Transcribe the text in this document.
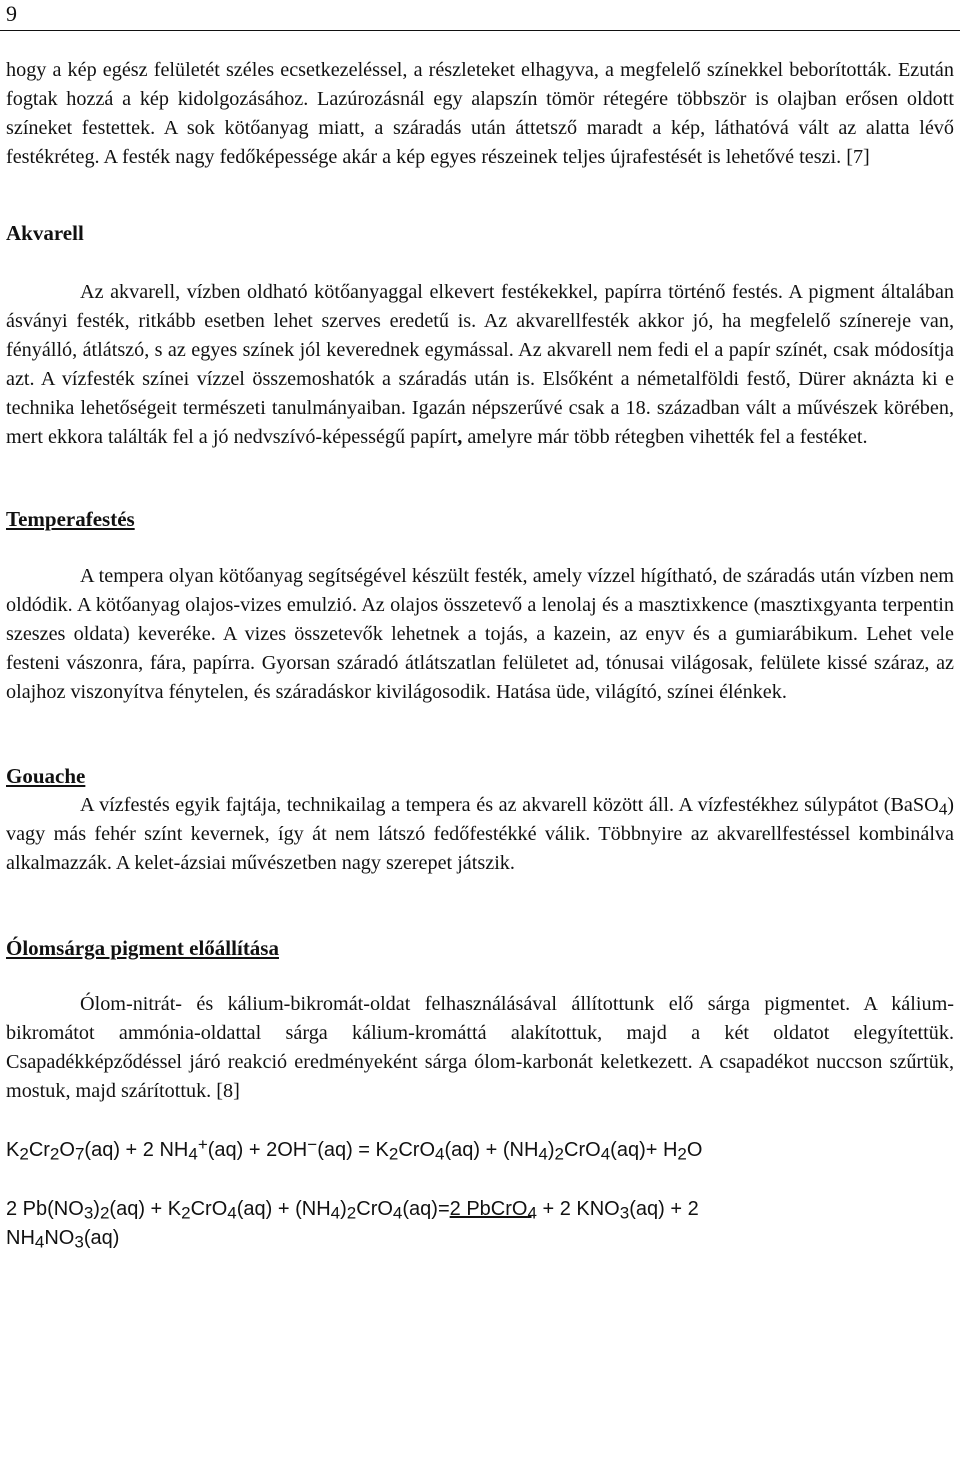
9

hogy a kép egész felületét széles ecsetkezeléssel, a részleteket elhagyva, a megfelelő színekkel beborították. Ezután fogtak hozzá a kép kidolgozásához. Lazúrozásnál egy alapszín tömör rétegére többször is olajban erősen oldott színeket festettek. A sok kötőanyag miatt, a száradás után áttetsző maradt a kép, láthatóvá vált az alatta lévő festékréteg. A festék nagy fedőképessége akár a kép egyes részeinek teljes újrafestését is lehetővé teszi. [7]

Akvarell

Az akvarell, vízben oldható kötőanyaggal elkevert festékekkel, papírra történő festés. A pigment általában ásványi festék, ritkább esetben lehet szerves eredetű is. Az akvarellfesték akkor jó, ha megfelelő színereje van, fényálló, átlátszó, s az egyes színek jól keverednek egymással. Az akvarell nem fedi el a papír színét, csak módosítja azt. A vízfesték színei vízzel összemoshatók a száradás után is. Elsőként a németalföldi festő, Dürer aknázta ki e technika lehetőségeit természeti tanulmányaiban. Igazán népszerűvé csak a 18. században vált a művészek körében, mert ekkora találták fel a jó nedvszívó-képességű papírt, amelyre már több rétegben vihették fel a festéket.

Temperafestés

A tempera olyan kötőanyag segítségével készült festék, amely vízzel hígítható, de száradás után vízben nem oldódik. A kötőanyag olajos-vizes emulzió. Az olajos összetevő a lenolaj és a masztixkence (masztixgyanta terpentin szeszes oldata) keveréke. A vizes összetevők lehetnek a tojás, a kazein, az enyv és a gumiarábikum. Lehet vele festeni vászonra, fára, papírra. Gyorsan száradó átlátszatlan felületet ad, tónusai világosak, felülete kissé száraz, az olajhoz viszonyítva fénytelen, és száradáskor kivilágosodik. Hatása üde, világító, színei élénkek.

Gouache

A vízfestés egyik fajtája, technikailag a tempera és az akvarell között áll. A vízfestékhez súlypátot (BaSO$_4$) vagy más fehér színt kevernek, így át nem látszó fedőfestékké válik. Többnyire az akvarellfestéssel kombinálva alkalmazzák. A kelet-ázsiai művészetben nagy szerepet játszik.

Ólomsárga pigment előállítása

Ólom-nitrát- és kálium-bikromát-oldat felhasználásával állítottunk elő sárga pigmentet. A kálium-bikromátot ammónia-oldattal sárga kálium-kromáttá alakítottuk, majd a két oldatot elegyítettük. Csapadékképződéssel járó reakció eredményeként sárga ólom-karbonát keletkezett. A csapadékot nuccson szűrtük, mostuk, majd szárítottuk. [8]

$K_2Cr_2O_7(aq) + 2$ $NH_4^+(aq) + 2OH^-(aq) = K_2CrO_4(aq) + (NH_4)_2CrO_4(aq)+ H_2O$

2 $Pb(NO_3)_2(aq) + K_2CrO_4(aq) + (NH_4)_2CrO_4(aq)=2$ PbCrO$_4$ + 2 $KNO_3(aq) + 2$
$NH_4NO_3(aq)$
